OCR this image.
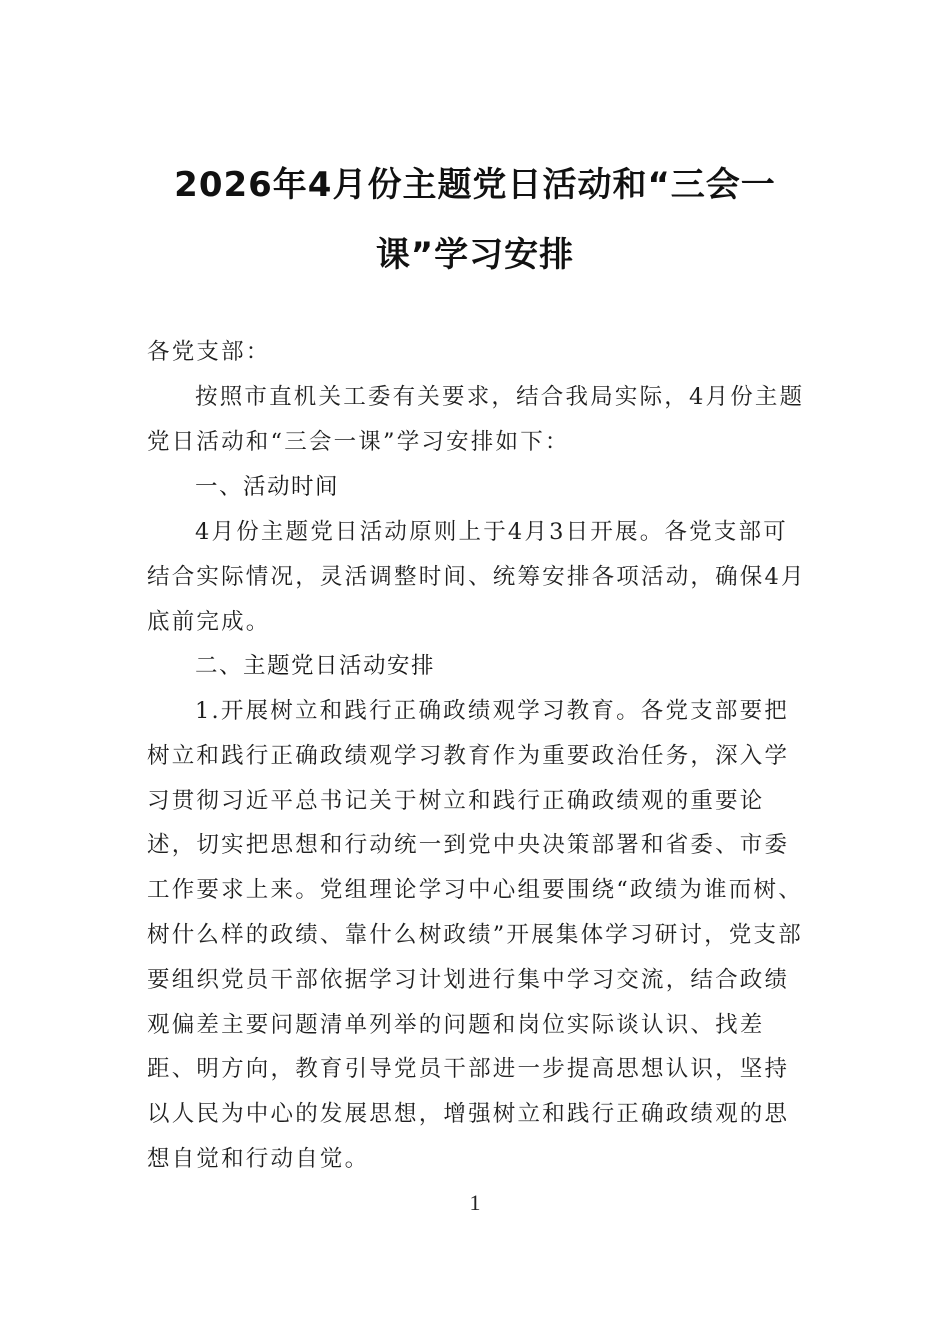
2026年4月份主题党日活动和“三会一
课”学习安排
各党支部：
按照市直机关工委有关要求，结合我局实际，4月份主题党日活动和“三会一课”学习安排如下：
一、活动时间
4月份主题党日活动原则上于4月3日开展。各党支部可结合实际情况，灵活调整时间、统筹安排各项活动，确保4月底前完成。
二、主题党日活动安排
1.开展树立和践行正确政绩观学习教育。各党支部要把树立和践行正确政绩观学习教育作为重要政治任务，深入学习贯彻习近平总书记关于树立和践行正确政绩观的重要论述，切实把思想和行动统一到党中央决策部署和省委、市委工作要求上来。党组理论学习中心组要围绕“政绩为谁而树、树什么样的政绩、靠什么树政绩”开展集体学习研讨，党支部要组织党员干部依据学习计划进行集中学习交流，结合政绩观偏差主要问题清单列举的问题和岗位实际谈认识、找差距、明方向，教育引导党员干部进一步提高思想认识，坚持以人民为中心的发展思想，增强树立和践行正确政绩观的思想自觉和行动自觉。
1
